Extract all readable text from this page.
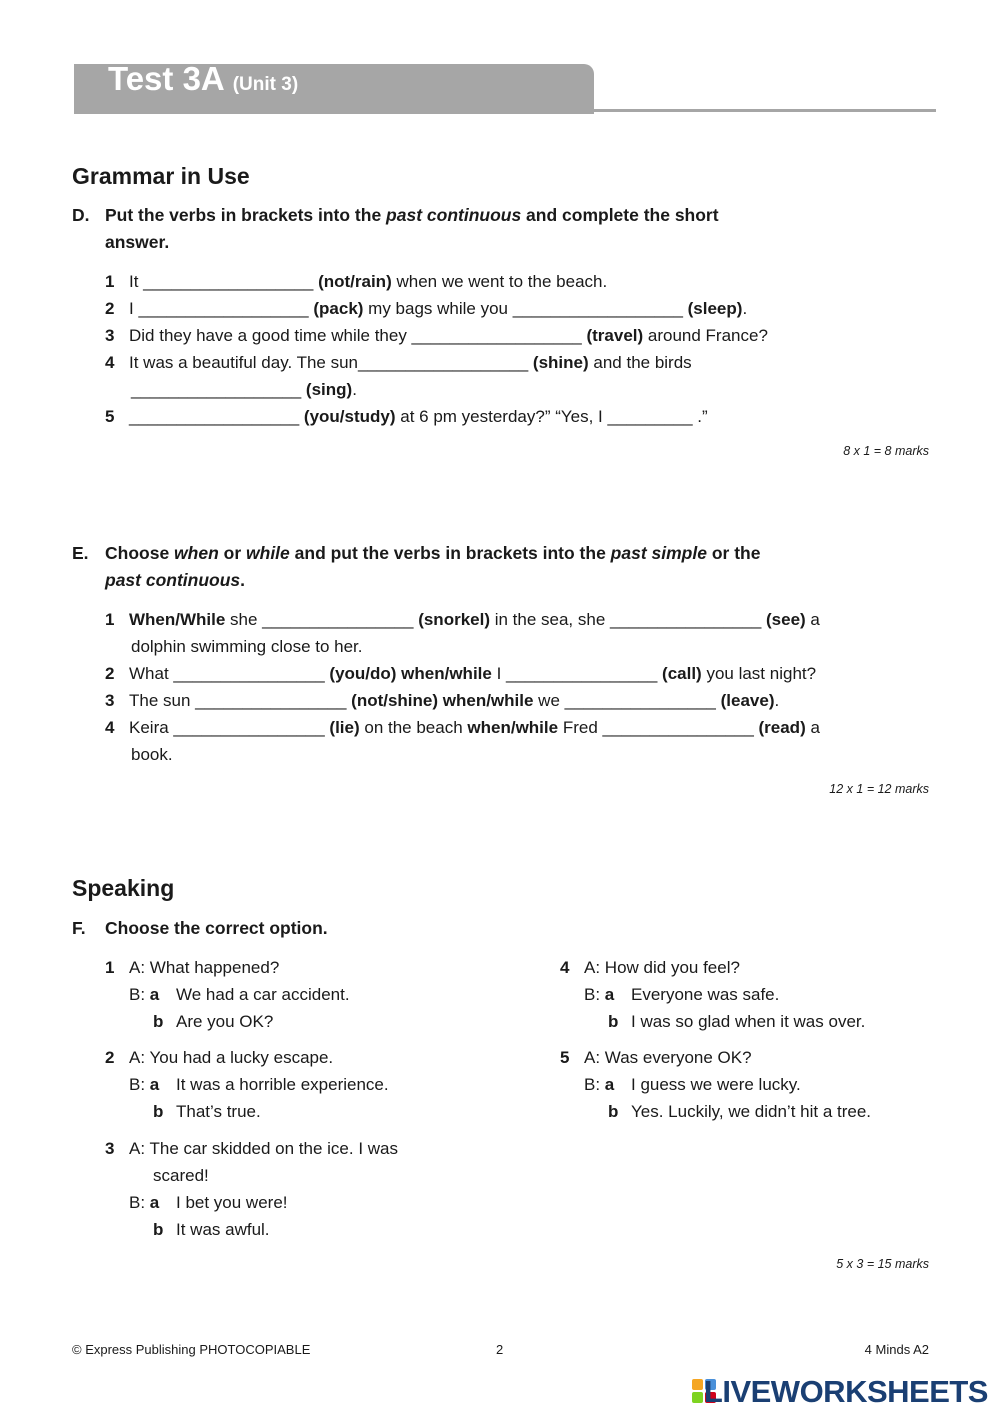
Test 3A (Unit 3)
Grammar in Use
D. Put the verbs in brackets into the past continuous and complete the short
answer.
1 It __________________ (not/rain) when we went to the beach.
2 I __________________ (pack) my bags while you __________________ (sleep).
3 Did they have a good time while they __________________ (travel) around France?
4 It was a beautiful day. The sun__________________ (shine) and the birds
__________________ (sing).
5 __________________ (you/study) at 6 pm yesterday?” “Yes, I _________ .”
8 x 1 = 8 marks
E. Choose when or while and put the verbs in brackets into the past simple or the
past continuous.
1 When/While she ________________ (snorkel) in the sea, she ________________ (see) a
dolphin swimming close to her.
2 What ________________ (you/do) when/while I ________________ (call) you last night?
3 The sun ________________ (not/shine) when/while we ________________ (leave).
4 Keira ________________ (lie) on the beach when/while Fred ________________ (read) a
book.
12 x 1 = 12 marks
Speaking
F. Choose the correct option.
1 A: What happened?
B: a We had a car accident.
b Are you OK?
2 A: You had a lucky escape.
B: a It was a horrible experience.
b That’s true.
3 A: The car skidded on the ice. I was
scared!
B: a I bet you were!
b It was awful.
4 A: How did you feel?
B: a Everyone was safe.
b I was so glad when it was over.
5 A: Was everyone OK?
B: a I guess we were lucky.
b Yes. Luckily, we didn’t hit a tree.
5 x 3 = 15 marks
© Express Publishing PHOTOCOPIABLE	2	4 Minds A2
LIVEWORKSHEETS
